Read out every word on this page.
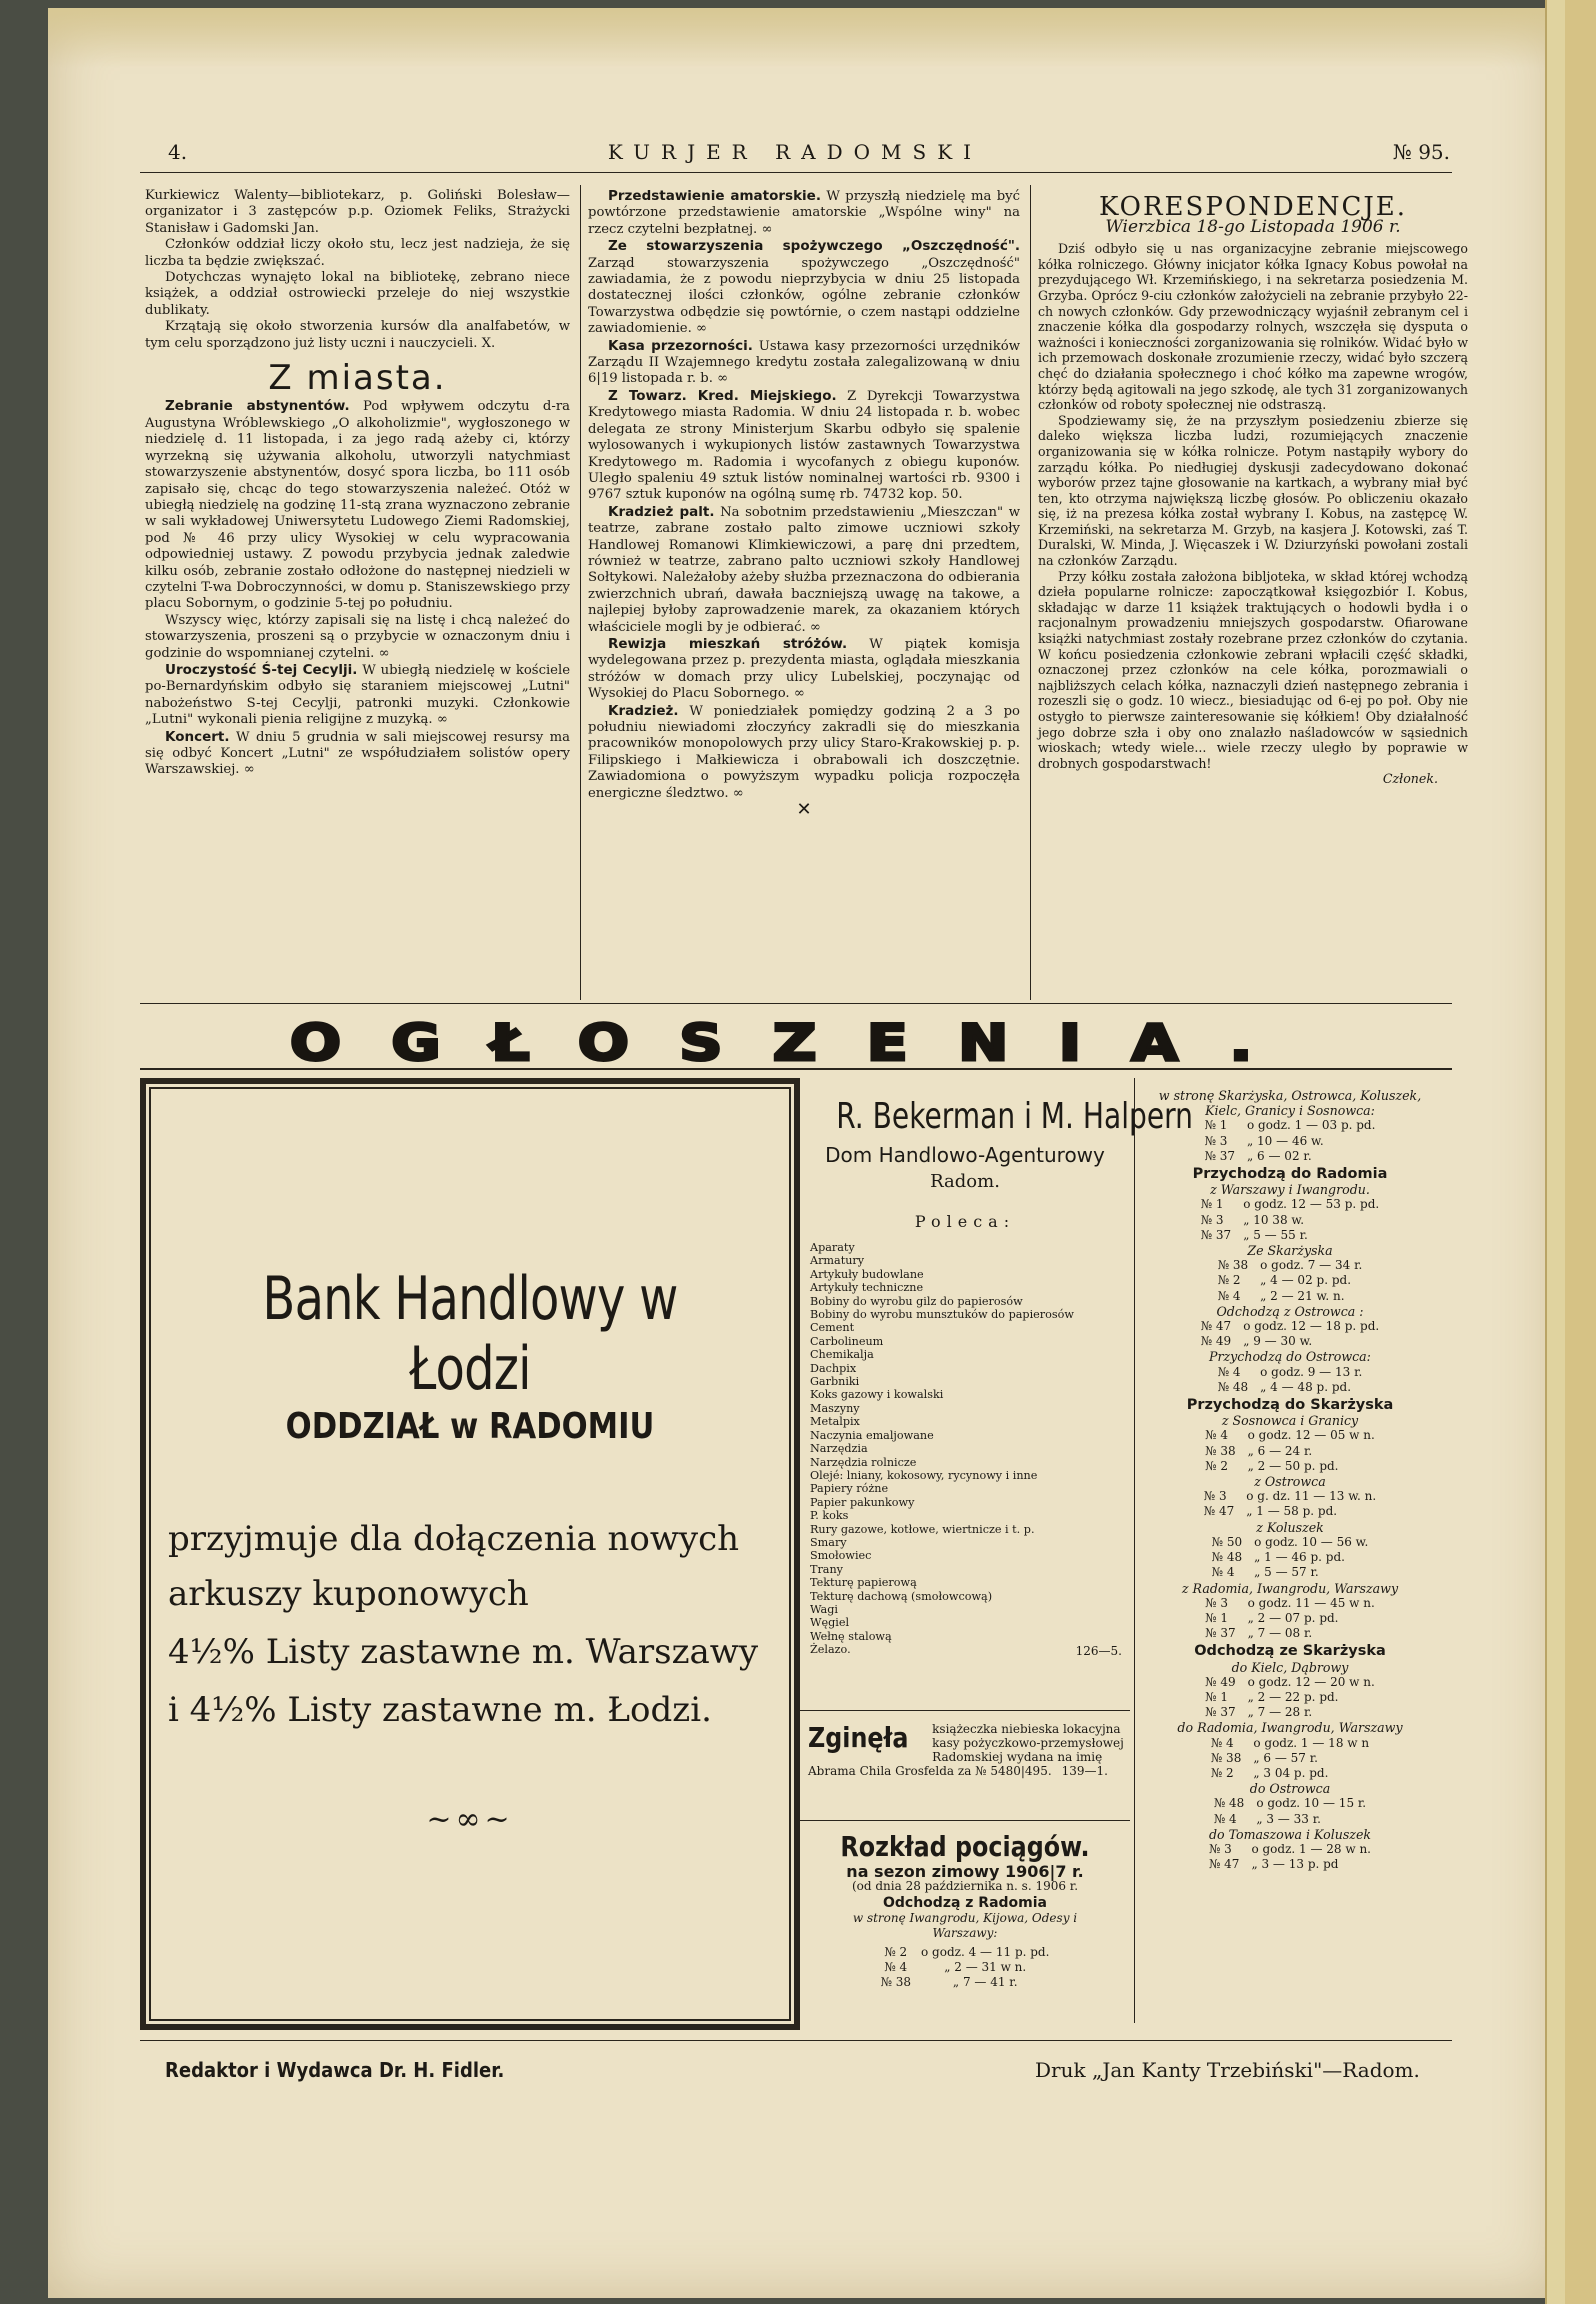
4.	KURJER RADOMSKI	№ 95.

Kurkiewicz Walenty—bibliotekarz, p. Goliński Bolesław—organizator i 3 zastępców p.p. Oziomek Feliks, Strażycki Stanisław i Gadomski Jan.

Członków oddział liczy około stu, lecz jest nadzieja, że się liczba ta będzie zwiększać.

Dotychczas wynajęto lokal na bibliotekę, zebrano niece książek, a oddział ostrowiecki przeleje do niej wszystkie dublikaty.

Krzątają się około stworzenia kursów dla analfabetów, w tym celu sporządzono już listy uczni i nauczycieli. X.

Z miasta.

Zebranie abstynentów. Pod wpływem odczytu d-ra Augustyna Wróblewskiego „O alkoholizmie", wygłoszonego w niedzielę d. 11 listopada, i za jego radą ażeby ci, którzy wyrzekną się używania alkoholu, utworzyli natychmiast stowarzyszenie abstynentów, dosyć spora liczba, bo 111 osób zapisało się, chcąc do tego stowarzyszenia należeć. Otóż w ubiegłą niedzielę na godzinę 11-stą zrana wyznaczono zebranie w sali wykładowej Uniwersytetu Ludowego Ziemi Radomskiej, pod № 46 przy ulicy Wysokiej w celu wypracowania odpowiedniej ustawy. Z powodu przybycia jednak zaledwie kilku osób, zebranie zostało odłożone do następnej niedzieli w czytelni T-wa Dobroczynności, w domu p. Staniszewskiego przy placu Sobornym, o godzinie 5-tej po południu.

Wszyscy więc, którzy zapisali się na listę i chcą należeć do stowarzyszenia, proszeni są o przybycie w oznaczonym dniu i godzinie do wspomnianej czytelni. ∞

Uroczystość Ś-tej Cecylji. W ubiegłą niedzielę w kościele po-Bernardyńskim odbyło się staraniem miejscowej „Lutni" nabożeństwo S-tej Cecylji, patronki muzyki. Członkowie „Lutni" wykonali pienia religijne z muzyką. ∞

Koncert. W dniu 5 grudnia w sali miejscowej resursy ma się odbyć Koncert „Lutni" ze współudziałem solistów opery Warszawskiej. ∞

Przedstawienie amatorskie. W przyszłą niedzielę ma być powtórzone przedstawienie amatorskie „Wspólne winy" na rzecz czytelni bezpłatnej. ∞

Ze stowarzyszenia spożywczego „Oszczędność". Zarząd stowarzyszenia spożywczego „Oszczędność" zawiadamia, że z powodu nieprzybycia w dniu 25 listopada dostatecznej ilości członków, ogólne zebranie członków Towarzystwa odbędzie się powtórnie, o czem nastąpi oddzielne zawiadomienie. ∞

Kasa przezorności. Ustawa kasy przezorności urzędników Zarządu II Wzajemnego kredytu została zalegalizowaną w dniu 6|19 listopada r. b. ∞

Z Towarz. Kred. Miejskiego. Z Dyrekcji Towarzystwa Kredytowego miasta Radomia. W dniu 24 listopada r. b. wobec delegata ze strony Ministerjum Skarbu odbyło się spalenie wylosowanych i wykupionych listów zastawnych Towarzystwa Kredytowego m. Radomia i wycofanych z obiegu kuponów. Uległo spaleniu 49 sztuk listów nominalnej wartości rb. 9300 i 9767 sztuk kuponów na ogólną sumę rb. 74732 kop. 50.

Kradzież palt. Na sobotnim przedstawieniu „Mieszczan" w teatrze, zabrane zostało palto zimowe uczniowi szkoły Handlowej Romanowi Klimkiewiczowi, a parę dni przedtem, również w teatrze, zabrano palto uczniowi szkoły Handlowej Sołtykowi. Należałoby ażeby służba przeznaczona do odbierania zwierzchnich ubrań, dawała baczniejszą uwagę na takowe, a najlepiej byłoby zaprowadzenie marek, za okazaniem których właściciele mogli by je odbierać. ∞

Rewizja mieszkań stróżów. W piątek komisja wydelegowana przez p. prezydenta miasta, oglądała mieszkania stróżów w domach przy ulicy Lubelskiej, poczynając od Wysokiej do Placu Sobornego. ∞

Kradzież. W poniedziałek pomiędzy godziną 2 a 3 po południu niewiadomi złoczyńcy zakradli się do mieszkania pracowników monopolowych przy ulicy Staro-Krakowskiej p. p. Filipskiego i Małkiewicza i obrabowali ich doszczętnie. Zawiadomiona o powyższym wypadku policja rozpoczęła energiczne śledztwo. ∞

✕
KORESPONDENCJE.
Wierzbica 18-go Listopada 1906 r.

Dziś odbyło się u nas organizacyjne zebranie miejscowego kółka rolniczego. Główny inicjator kółka Ignacy Kobus powołał na prezydującego Wł. Krzemińskiego, i na sekretarza posiedzenia M. Grzyba. Oprócz 9-ciu członków założycieli na zebranie przybyło 22-ch nowych członków. Gdy przewodniczący wyjaśnił zebranym cel i znaczenie kółka dla gospodarzy rolnych, wszczęła się dysputa o ważności i konieczności zorganizowania się rolników. Widać było w ich przemowach doskonałe zrozumienie rzeczy, widać było szczerą chęć do działania społecznego i choć kółko ma zapewne wrogów, którzy będą agitowali na jego szkodę, ale tych 31 zorganizowanych członków od roboty społecznej nie odstraszą.

Spodziewamy się, że na przyszłym posiedzeniu zbierze się daleko większa liczba ludzi, rozumiejących znaczenie organizowania się w kółka rolnicze. Potym nastąpiły wybory do zarządu kółka. Po niedługiej dyskusji zadecydowano dokonać wyborów przez tajne głosowanie na kartkach, a wybrany miał być ten, kto otrzyma największą liczbę głosów. Po obliczeniu okazało się, iż na prezesa kółka został wybrany I. Kobus, na zastępcę W. Krzemiński, na sekretarza M. Grzyb, na kasjera J. Kotowski, zaś T. Duralski, W. Minda, J. Więcaszek i W. Dziurzyński powołani zostali na członków Zarządu.

Przy kółku została założona bibljoteka, w skład której wchodzą dzieła popularne rolnicze: zapoczątkował księgozbiór I. Kobus, składając w darze 11 książek traktujących o hodowli bydła i o racjonalnym prowadzeniu mniejszych gospodarstw. Ofiarowane książki natychmiast zostały rozebrane przez członków do czytania. W końcu posiedzenia członkowie zebrani wpłacili część składki, oznaczonej przez członków na cele kółka, porozmawiali o najbliższych celach kółka, naznaczyli dzień następnego zebrania i rozeszli się o godz. 10 wiecz., biesiadując od 6-ej po poł. Oby nie ostygło to pierwsze zainteresowanie się kółkiem! Oby działalność jego dobrze szła i oby ono znalazło naśladowców w sąsiednich wioskach; wtedy wiele... wiele rzeczy uległo by poprawie w drobnych gospodarstwach!

Członek.
OGŁOSZENIA.
Bank Handlowy w Łodzi
ODDZIAŁ w RADOMIU
przyjmuje dla dołączenia nowych
arkuszy kuponowych
4½% Listy zastawne m. Warszawy
i 4½% Listy zastawne m. Łodzi.
~∞~
R. Bekerman i M. Halpern
Dom Handlowo-Agenturowy
Radom.
Poleca:
Aparaty
Armatury
Artykuły budowlane
Artykuły techniczne
Bobiny do wyrobu gilz do papierosów
Bobiny do wyrobu munsztuków do papierosów
Cement
Carbolineum
Chemikalja
Dachpix
Garbniki
Koks gazowy i kowalski
Maszyny
Metalpix
Naczynia emaljowane
Narzędzia
Narzędzia rolnicze
Olejé: lniany, kokosowy, rycynowy i inne
Papiery różne
Papier pakunkowy
P. koks
Rury gazowe, kotłowe, wiertnicze i t. p.
Smary
Smołowiec
Trany
Tekturę papierową
Tekturę dachową (smołowcową)
Wagi
Węgiel
Wełnę stalową
Żelazo.	126—5.
Zginęła książeczka niebieska lokacyjna kasy pożyczkowo-przemysłowej Radomskiej wydana na imię Abrama Chila Grosfelda za № 5480|495. 139—1.
Rozkład pociągów.
na sezon zimowy 1906|7 r.
(od dnia 28 października n. s. 1906 r.
Odchodzą z Radomia
w stronę Iwangrodu, Kijowa, Odesy i Warszawy:
№ 2	o godz. 4 — 11 p. pd.
№ 4	„ 2 — 31 w n.
№ 38	„ 7 — 41 r.
w stronę Skarżyska, Ostrowca, Koluszek, Kielc, Granicy i Sosnowca:
№ 1	o godz. 1 — 03 p. pd.
№ 3	„ 10 — 46 w.
№ 37	„ 6 — 02 r.
Przychodzą do Radomia
z Warszawy i Iwangrodu.
№ 1	o godz. 12 — 53 p. pd.
№ 3	„ 10 38 w.
№ 37	„ 5 — 55 r.
Ze Skarżyska
№ 38	o godz. 7 — 34 r.
№ 2	„ 4 — 02 p. pd.
№ 4	„ 2 — 21 w. n.
Odchodzą z Ostrowca :
№ 47	o godz. 12 — 18 p. pd.
№ 49	„ 9 — 30 w.
Przychodzą do Ostrowca:
№ 4	o godz. 9 — 13 r.
№ 48	„ 4 — 48 p. pd.
Przychodzą do Skarżyska
z Sosnowca i Granicy
№ 4	o godz. 12 — 05 w n.
№ 38	„ 6 — 24 r.
№ 2	„ 2 — 50 p. pd.
z Ostrowca
№ 3	o g. dz. 11 — 13 w. n.
№ 47	„ 1 — 58 p. pd.
z Koluszek
№ 50	o godz. 10 — 56 w.
№ 48	„ 1 — 46 p. pd.
№ 4	„ 5 — 57 r.
z Radomia, Iwangrodu, Warszawy
№ 3	o godz. 11 — 45 w n.
№ 1	„ 2 — 07 p. pd.
№ 37	„ 7 — 08 r.
Odchodzą ze Skarżyska
do Kielc, Dąbrowy
№ 49	o godz. 12 — 20 w n.
№ 1	„ 2 — 22 p. pd.
№ 37	„ 7 — 28 r.
do Radomia, Iwangrodu, Warszawy
№ 4	o godz. 1 — 18 w n
№ 38	„ 6 — 57 r.
№ 2	„ 3 04 p. pd.
do Ostrowca
№ 48	o godz. 10 — 15 r.
№ 4	„ 3 — 33 r.
do Tomaszowa i Koluszek
№ 3	o godz. 1 — 28 w n.
№ 47	„ 3 — 13 p. pd
Redaktor i Wydawca Dr. H. Fidler.	Druk „Jan Kanty Trzebiński"—Radom.
